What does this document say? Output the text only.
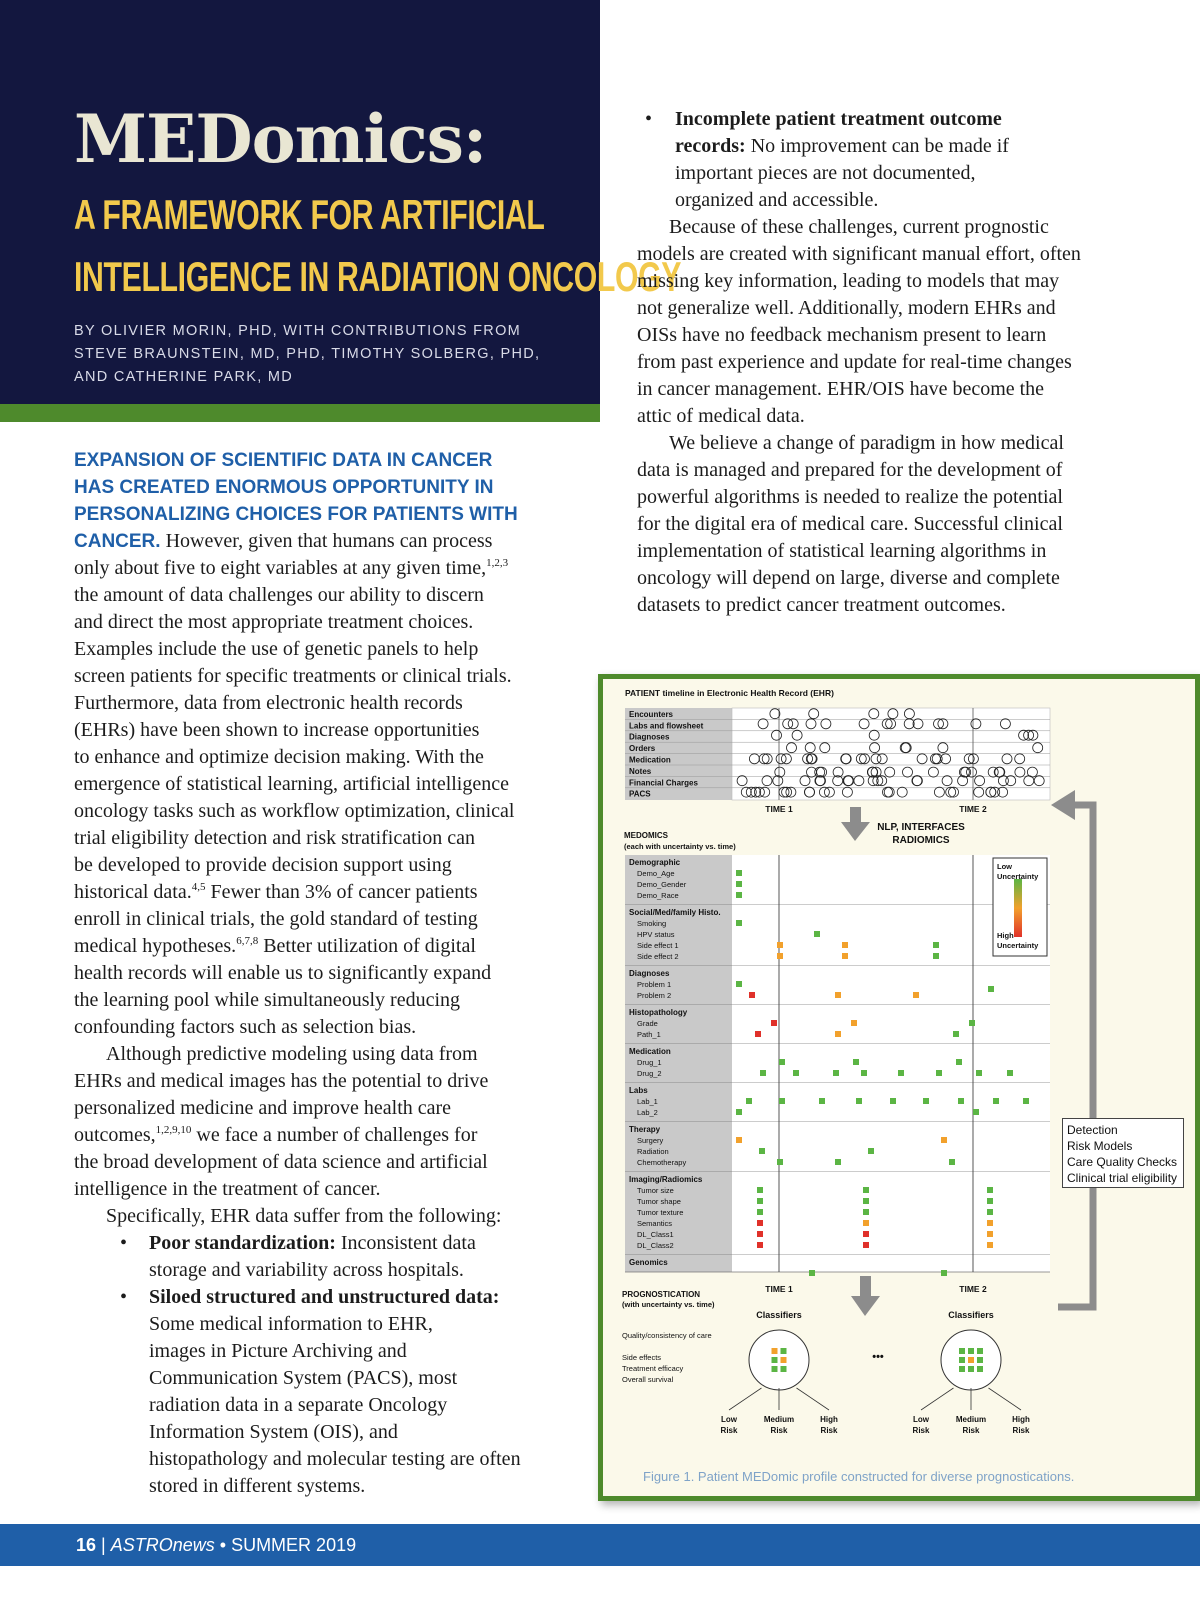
MEDomics:
A FRAMEWORK FOR ARTIFICIAL
INTELLIGENCE IN RADIATION ONCOLOGY
BY OLIVIER MORIN, PHD, WITH CONTRIBUTIONS FROM
STEVE BRAUNSTEIN, MD, PHD, TIMOTHY SOLBERG, PHD,
AND CATHERINE PARK, MD
EXPANSION OF SCIENTIFIC DATA IN CANCER
HAS CREATED ENORMOUS OPPORTUNITY IN
PERSONALIZING CHOICES FOR PATIENTS WITH
CANCER. However, given that humans can process
only about five to eight variables at any given time,$^{1,2,3}$
the amount of data challenges our ability to discern
and direct the most appropriate treatment choices.
Examples include the use of genetic panels to help
screen patients for specific treatments or clinical trials.
Furthermore, data from electronic health records
(EHRs) have been shown to increase opportunities
to enhance and optimize decision making. With the
emergence of statistical learning, artificial intelligence
oncology tasks such as workflow optimization, clinical
trial eligibility detection and risk stratification can
be developed to provide decision support using
historical data.$^{4,5}$ Fewer than 3% of cancer patients
enroll in clinical trials, the gold standard of testing
medical hypotheses.$^{6,7,8}$ Better utilization of digital
health records will enable us to significantly expand
the learning pool while simultaneously reducing
confounding factors such as selection bias.
Although predictive modeling using data from
EHRs and medical images has the potential to drive
personalized medicine and improve health care
outcomes,$^{1,2,9,10}$ we face a number of challenges for
the broad development of data science and artificial
intelligence in the treatment of cancer.
Specifically, EHR data suffer from the following:
• Poor standardization: Inconsistent data
storage and variability across hospitals.
• Siloed structured and unstructured data:
Some medical information to EHR,
images in Picture Archiving and
Communication System (PACS), most
radiation data in a separate Oncology
Information System (OIS), and
histopathology and molecular testing are often
stored in different systems.
• Incomplete patient treatment outcome
records: No improvement can be made if
important pieces are not documented,
organized and accessible.
Because of these challenges, current prognostic
models are created with significant manual effort, often
missing key information, leading to models that may
not generalize well. Additionally, modern EHRs and
OISs have no feedback mechanism present to learn
from past experience and update for real-time changes
in cancer management. EHR/OIS have become the
attic of medical data.
We believe a change of paradigm in how medical
data is managed and prepared for the development of
powerful algorithms is needed to realize the potential
for the digital era of medical care. Successful clinical
implementation of statistical learning algorithms in
oncology will depend on large, diverse and complete
datasets to predict cancer treatment outcomes.
PATIENT timeline in Electronic Health Record (EHR)
Encounters
Labs and flowsheet
Diagnoses
Orders
Medication
Notes
Financial Charges
PACS
TIME 1	TIME 2
NLP, INTERFACES
RADIOMICS
MEDOMICS
(each with uncertainty vs. time)
Demographic
Demo_Age
Demo_Gender
Demo_Race
Social/Med/family Histo.
Smoking
HPV status
Side effect 1
Side effect 2
Diagnoses
Problem 1
Problem 2
Histopathology
Grade
Path_1
Medication
Drug_1
Drug_2
Labs
Lab_1
Lab_2
Therapy
Surgery
Radiation
Chemotherapy
Imaging/Radiomics
Tumor size
Tumor shape
Tumor texture
Semantics
DL_Class1
DL_Class2
Genomics
Low
Uncertainty
High
Uncertainty
TIME 1	TIME 2
PROGNOSTICATION
(with uncertainty vs. time)
Classifiers	Classifiers
Quality/consistency of care
Side effects
Treatment efficacy
Overall survival
•••
Low
Risk
Medium
Risk
High
Risk
Low
Risk
Medium
Risk
High
Risk
Figure 1. Patient MEDomic profile constructed for diverse prognostications.
Detection
Risk Models
Care Quality Checks
Clinical trial eligibility
16 | ASTROnews • SUMMER 2019
